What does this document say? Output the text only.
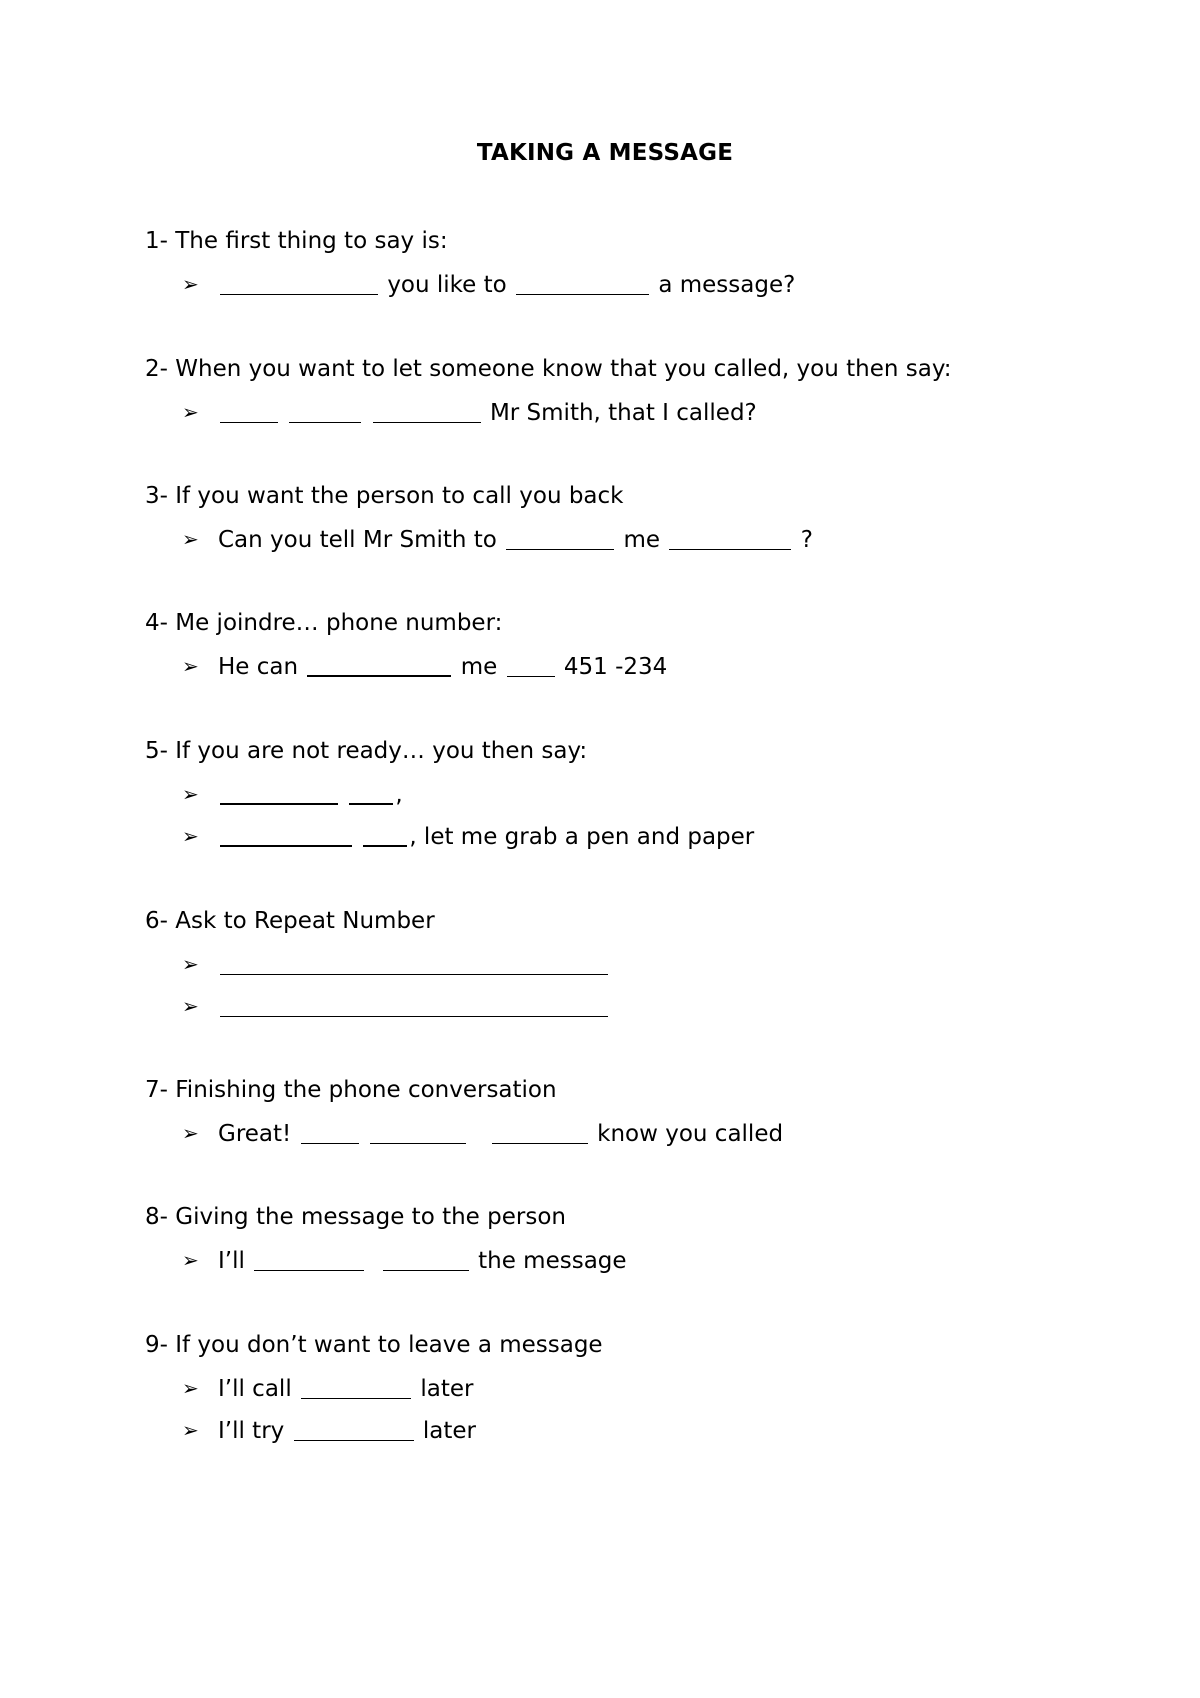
TAKING A MESSAGE
1- The first thing to say is:
➢	you like to	a message?
2- When you want to let someone know that you called, you then say:
➢	Mr Smith, that I called?
3- If you want the person to call you back
➢ Can you tell Mr Smith to	me	?
4- Me joindre… phone number:
➢ He can	me	451 -234
5- If you are not ready… you then say:
➢	,
➢	, let me grab a pen and paper
6- Ask to Repeat Number
➢
➢
7- Finishing the phone conversation
➢ Great!	know you called
8- Giving the message to the person
➢ I’ll	the message
9- If you don’t want to leave a message
➢ I’ll call	later
➢ I’ll try	later
